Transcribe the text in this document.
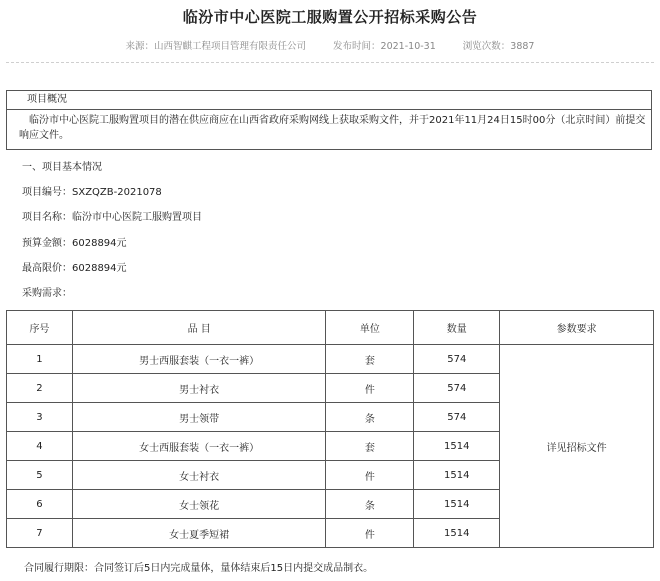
临汾市中心医院工服购置公开招标采购公告
来源：山西智麒工程项目管理有限责任公司	发布时间：2021-10-31	浏览次数：3887
项目概况
临汾市中心医院工服购置项目的潜在供应商应在山西省政府采购网线上获取采购文件，并于2021年11月24日15时00分（北京时间）前提交响应文件。
一、项目基本情况
项目编号：SXZQZB-2021078
项目名称：临汾市中心医院工服购置项目
预算金额：6028894元
最高限价：6028894元
采购需求：
序号	品 目	单位	数量	参数要求
1	男士西服套装（一衣一裤）	套	574	详见招标文件
2	男士衬衣	件	574	
3	男士领带	条	574	
4	女士西服套装（一衣一裤）	套	1514	
5	女士衬衣	件	1514	
6	女士领花	条	1514	
7	女士夏季短裙	件	1514	
合同履行期限：合同签订后5日内完成量体，量体结束后15日内提交成品制衣。
